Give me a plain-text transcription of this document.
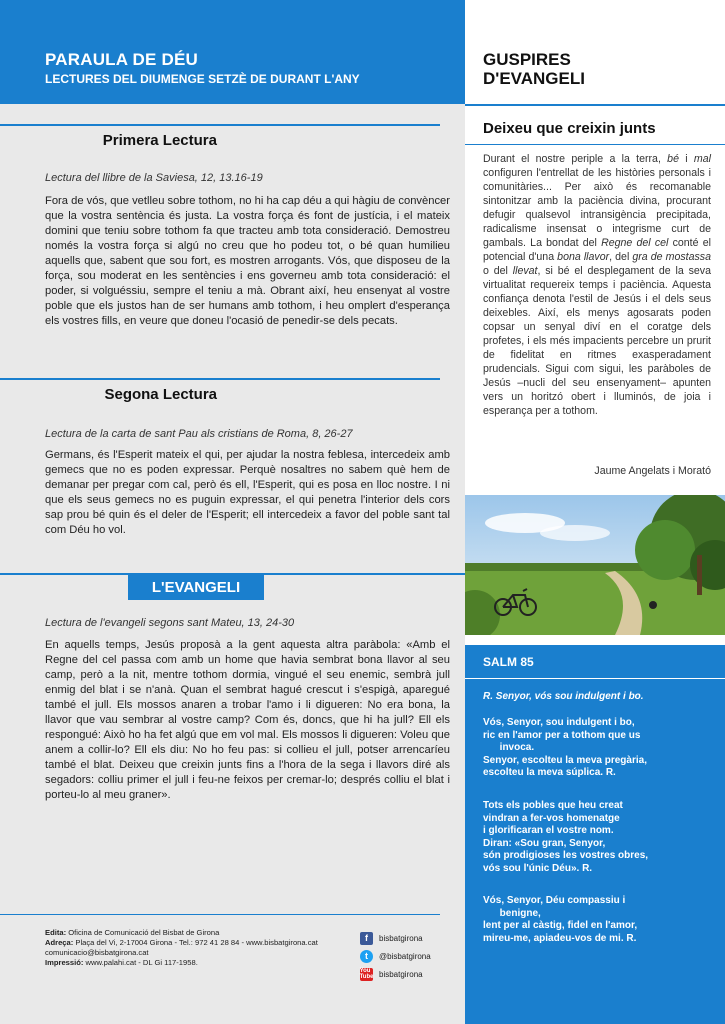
PARAULA DE DÉU
LECTURES DEL DIUMENGE SETZÈ DE DURANT L'ANY
Primera Lectura
Lectura del llibre de la Saviesa, 12, 13.16-19
Fora de vós, que vetlleu sobre tothom, no hi ha cap déu a qui hàgiu de convèncer que la vostra sentència és justa. La vostra força és font de justícia, i el mateix domini que teniu sobre tothom fa que tracteu amb tota consideració. Demostreu només la vostra força si algú no creu que ho podeu tot, o bé quan humilieu aquells que, sabent que sou fort, es mostren arrogants. Vós, que disposeu de la força, sou moderat en les sentències i ens governeu amb tota consideració: el poder, si volguéssiu, sempre el teniu a mà. Obrant així, heu ensenyat al vostre poble que els justos han de ser humans amb tothom, i heu omplert d'esperança els vostres fills, en veure que doneu l'ocasió de penedir-se dels pecats.
Segona Lectura
Lectura de la carta de sant Pau als cristians de Roma, 8, 26-27
Germans, és l'Esperit mateix el qui, per ajudar la nostra feblesa, intercedeix amb gemecs que no es poden expressar. Perquè nosaltres no sabem què hem de demanar per pregar com cal, però és ell, l'Esperit, qui es posa en lloc nostre. I ni que els seus gemecs no es puguin expressar, el qui penetra l'interior dels cors sap prou bé quin és el deler de l'Esperit; ell intercedeix a favor del poble sant tal com Déu ho vol.
L'EVANGELI
Lectura de l'evangeli segons sant Mateu, 13, 24-30
En aquells temps, Jesús proposà a la gent aquesta altra paràbola: «Amb el Regne del cel passa com amb un home que havia sembrat bona llavor al seu camp, però a la nit, mentre tothom dormia, vingué el seu enemic, sembrà jull enmig del blat i se n'anà. Quan el sembrat hagué crescut i s'espigà, aparegué també el jull. Els mossos anaren a trobar l'amo i li digueren: No era bona, la llavor que vau sembrar al vostre camp? Com és, doncs, que hi ha jull? Ell els respongué: Això ho ha fet algú que em vol mal. Els mossos li digueren: Voleu que anem a collir-lo? Ell els diu: No ho feu pas: si collieu el jull, potser arrencaríeu també el blat. Deixeu que creixin junts fins a l'hora de la sega i llavors diré als segadors: colliu primer el jull i feu-ne feixos per cremar-lo; després colliu el blat i porteu-lo al meu graner».
Edita: Oficina de Comunicació del Bisbat de Girona
Adreça: Plaça del Vi, 2-17004 Girona - Tel.: 972 41 28 84 - www.bisbatgirona.cat
comunicacio@bisbatgirona.cat
Impressió: www.palahi.cat - DL Gi 117-1958.
f	bisbatgirona
t	@bisbatgirona
You Tube bisbatgirona
GUSPIRES
D'EVANGELI
Deixeu que creixin junts
Durant el nostre periple a la terra, bé i mal configuren l'entrellat de les històries personals i comunitàries... Per això és recomanable sintonitzar amb la paciència divina, procurant defugir qualsevol intransigència precipitada, radicalisme insensat o integrisme curt de gambals. La bondat del Regne del cel conté el potencial d'una bona llavor, del gra de mostassa o del llevat, si bé el desplegament de la seva virtualitat requereix temps i paciència. Aquesta confiança denota l'estil de Jesús i el dels seus deixebles. Així, els menys agosarats poden copsar un senyal diví en el coratge dels profetes, i els més impacients percebre un prurit de fidelitat en ritmes exasperadament prudencials. Sigui com sigui, les paràboles de Jesús –nucli del seu ensenyament– apunten vers un horitzó obert i lluminós, de joia i esperança per a tothom.
Jaume Angelats i Morató
SALM 85
R. Senyor, vós sou indulgent i bo.
Vós, Senyor, sou indulgent i bo,
ric en l'amor per a tothom que us
invoca.
Senyor, escolteu la meva pregària,
escolteu la meva súplica. R.
Tots els pobles que heu creat
vindran a fer-vos homenatge
i glorificaran el vostre nom.
Diran: «Sou gran, Senyor,
són prodigioses les vostres obres,
vós sou l'únic Déu». R.
Vós, Senyor, Déu compassiu i
benigne,
lent per al càstig, fidel en l'amor,
mireu-me, apiadeu-vos de mi. R.
